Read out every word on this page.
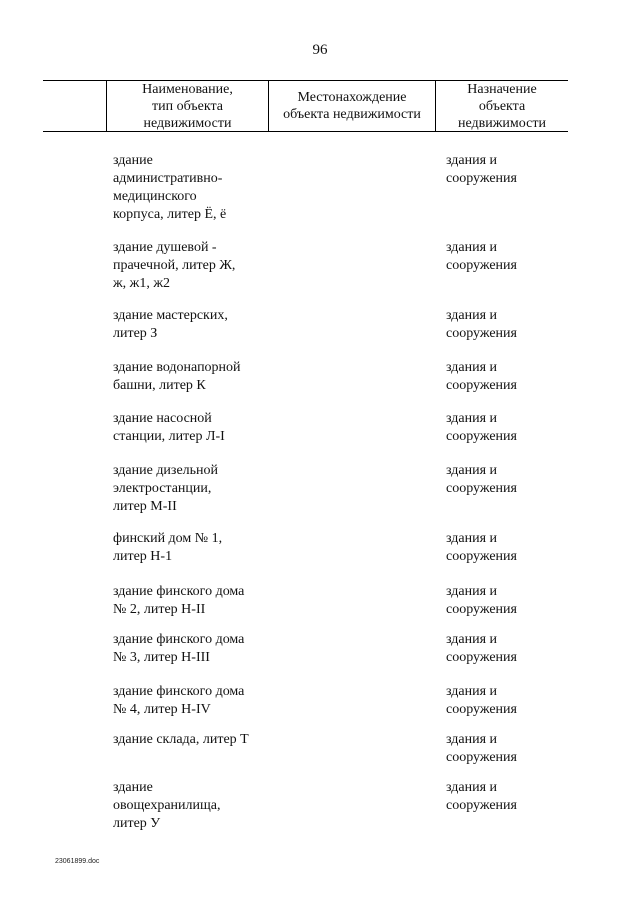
96
Наименование,
тип объекта
недвижимости
Местонахождение
объекта недвижимости
Назначение
объекта
недвижимости
здание
административно-
медицинского
корпуса, литер Ё, ё
здания и
сооружения
здание душевой -
прачечной, литер Ж,
ж, ж1, ж2
здания и
сооружения
здание мастерских,
литер З
здания и
сооружения
здание водонапорной
башни, литер К
здания и
сооружения
здание насосной
станции, литер Л-I
здания и
сооружения
здание дизельной
электростанции,
литер М-II
здания и
сооружения
финский дом № 1,
литер Н-1
здания и
сооружения
здание финского дома
№ 2, литер Н-II
здания и
сооружения
здание финского дома
№ 3, литер Н-III
здания и
сооружения
здание финского дома
№ 4, литер Н-IV
здания и
сооружения
здание склада, литер Т	здания и
сооружения
здание
овощехранилища,
литер У
здания и
сооружения
23061899.doc
